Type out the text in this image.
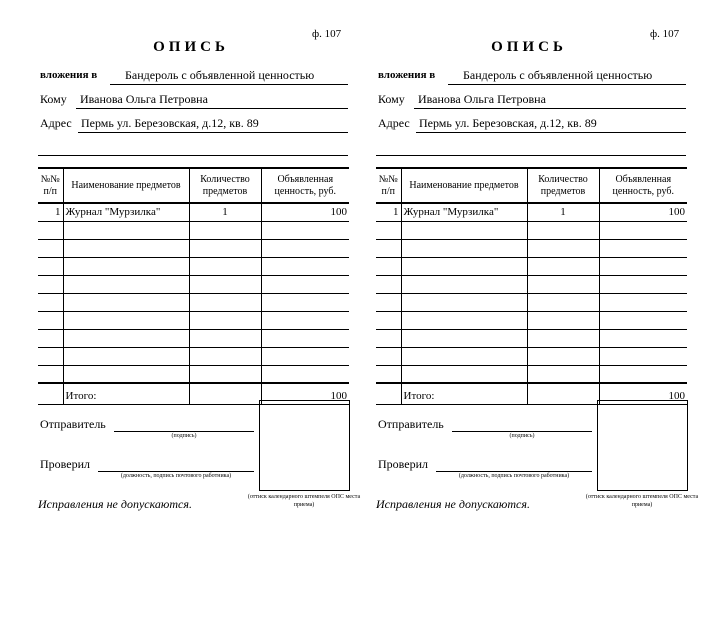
ф. 107
ОПИСЬ
вложения в Бандероль с объявленной ценностью
Кому Иванова Ольга Петровна
Адрес Пермь ул. Березовская, д.12, кв. 89
№№ п/п	Наименование предметов	Количество предметов	Объявленная ценность, руб.
1	Журнал "Мурзилка"	1	100

	Итого:		100
Отправитель
(подпись)
Проверил
(должность, подпись почтового работника)
(оттиск календарного штемпеля ОПС места приема)
Исправления не допускаются.
ф. 107
ОПИСЬ
вложения в Бандероль с объявленной ценностью
Кому Иванова Ольга Петровна
Адрес Пермь ул. Березовская, д.12, кв. 89
№№ п/п	Наименование предметов	Количество предметов	Объявленная ценность, руб.
1	Журнал "Мурзилка"	1	100

	Итого:		100
Отправитель
(подпись)
Проверил
(должность, подпись почтового работника)
(оттиск календарного штемпеля ОПС места приема)
Исправления не допускаются.
